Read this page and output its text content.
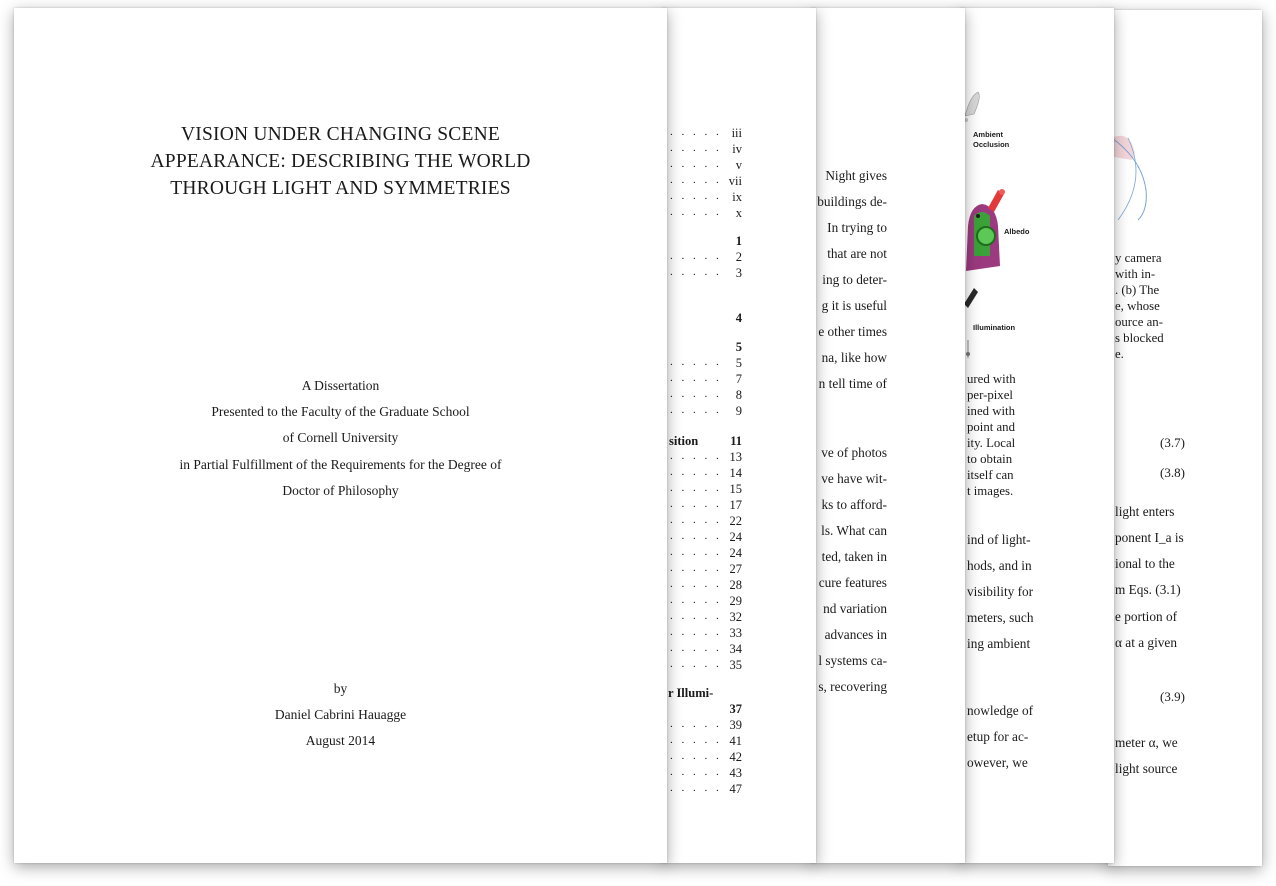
y camera
with in-
. (b) The
e, whose
ource an-
s blocked
e.
(3.7)
(3.8)
(3.9)
light enters
ponent I_a is
ional to the
m Eqs. (3.1)
e portion of
α at a given
meter α, we
light source
Ambient
Occlusion
Albedo
Illumination
ured with
per-pixel
ined with
point and
ity. Local
to obtain
itself can
t images.
ind of light-
hods, and in
visibility for
meters, such
ing ambient
nowledge of
etup for ac-
owever, we
Night gives
buildings de-
In trying to
that are not
ing to deter-
g it is useful
e other times
na, like how
n tell time of
ve of photos
ve have wit-
ks to afford-
ls. What can
ted, taken in
cure features
nd variation
advances in
l systems ca-
s, recovering
. . . . . iii
. . . . . iv
. . . . . v
. . . . . vii
. . . . . ix
. . . . . x
1
. . . . . 2
. . . . . 3
4
5
. . . . . 5
. . . . . 7
. . . . . 8
. . . . . 9
sition	11
. . . . . 13
. . . . . 14
. . . . . 15
. . . . . 17
. . . . . 22
. . . . . 24
. . . . . 24
. . . . . 27
. . . . . 28
. . . . . 29
. . . . . 32
. . . . . 33
. . . . . 34
. . . . . 35
r Illumi-
37
. . . . . 39
. . . . . 41
. . . . . 42
. . . . . 43
. . . . . 47
VISION UNDER CHANGING SCENE
APPEARANCE: DESCRIBING THE WORLD
THROUGH LIGHT AND SYMMETRIES
A Dissertation
Presented to the Faculty of the Graduate School
of Cornell University
in Partial Fulfillment of the Requirements for the Degree of
Doctor of Philosophy
by
Daniel Cabrini Hauagge
August 2014
